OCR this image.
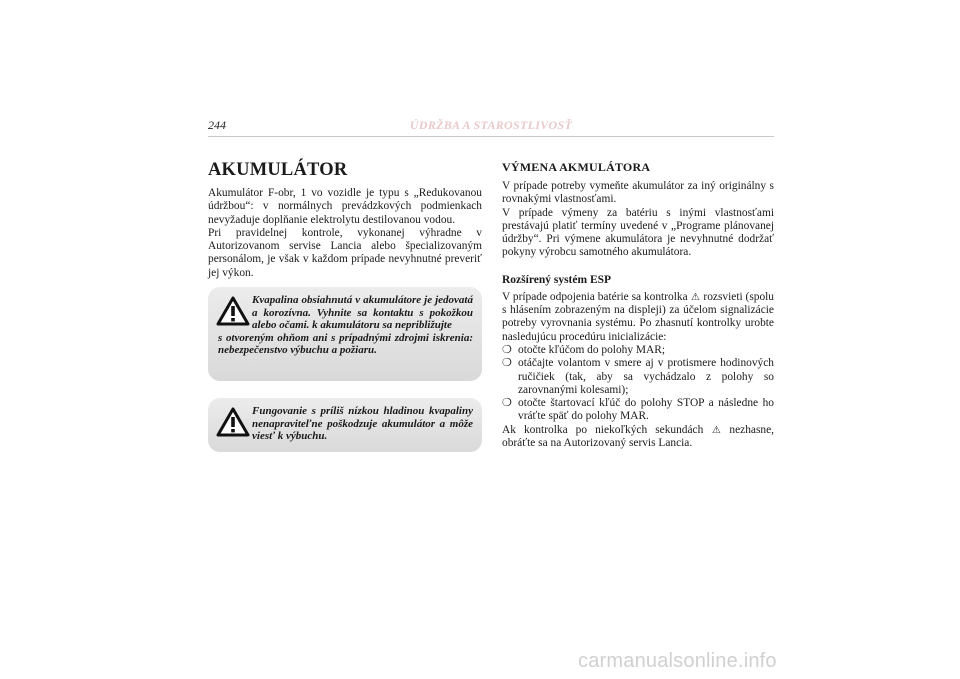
244	ÚDRŽBA A STAROSTLIVOSŤ
AKUMULÁTOR

Akumulátor F-obr, 1 vo vozidle je typu s „Redukovanou údržbou“: v normálnych prevádzkových podmienkach nevyžaduje doplňanie elektrolytu destilovanou vodou.

Pri pravidelnej kontrole, vykonanej výhradne v Autorizovanom servise Lancia alebo špecializovaným personálom, je však v každom prípade nevyhnutné preveriť jej výkon.

Kvapalina obsiahnutá v akumulátore je jedovatá a korozívna. Vyhnite sa kontaktu s pokožkou alebo očami. k akumulátoru sa nepribližujte
s otvoreným ohňom ani s prípadnými zdrojmi iskrenia: nebezpečenstvo výbuchu a požiaru.
Fungovanie s príliš nízkou hladinou kvapaliny nenapraviteľne poškodzuje akumulátor a môže viesť k výbuchu.
VÝMENA AKMULÁTORA

V prípade potreby vymeňte akumulátor za iný originálny s rovnakými vlastnosťami.

V prípade výmeny za batériu s inými vlastnosťami prestávajú platiť termíny uvedené v „Programe plánovanej údržby“. Pri výmene akumulátora je nevyhnutné dodržať pokyny výrobcu samotného akumulátora.

Rozšírený systém ESP

V prípade odpojenia batérie sa kontrolka ⚠ rozsvieti (spolu s hlásením zobrazeným na displeji) za účelom signalizácie potreby vyrovnania systému. Po zhasnutí kontrolky urobte nasledujúcu procedúru inicializácie:

❍ otočte kľúčom do polohy MAR;
❍ otáčajte volantom v smere aj v protismere hodinových ručičiek (tak, aby sa vychádzalo z polohy so zarovnanými kolesami);
❍ otočte štartovací kľúč do polohy STOP a následne ho vráťte späť do polohy MAR.

Ak kontrolka po niekoľkých sekundách ⚠ nezhasne, obráťte sa na Autorizovaný servis Lancia.

carmanualsonline.info
